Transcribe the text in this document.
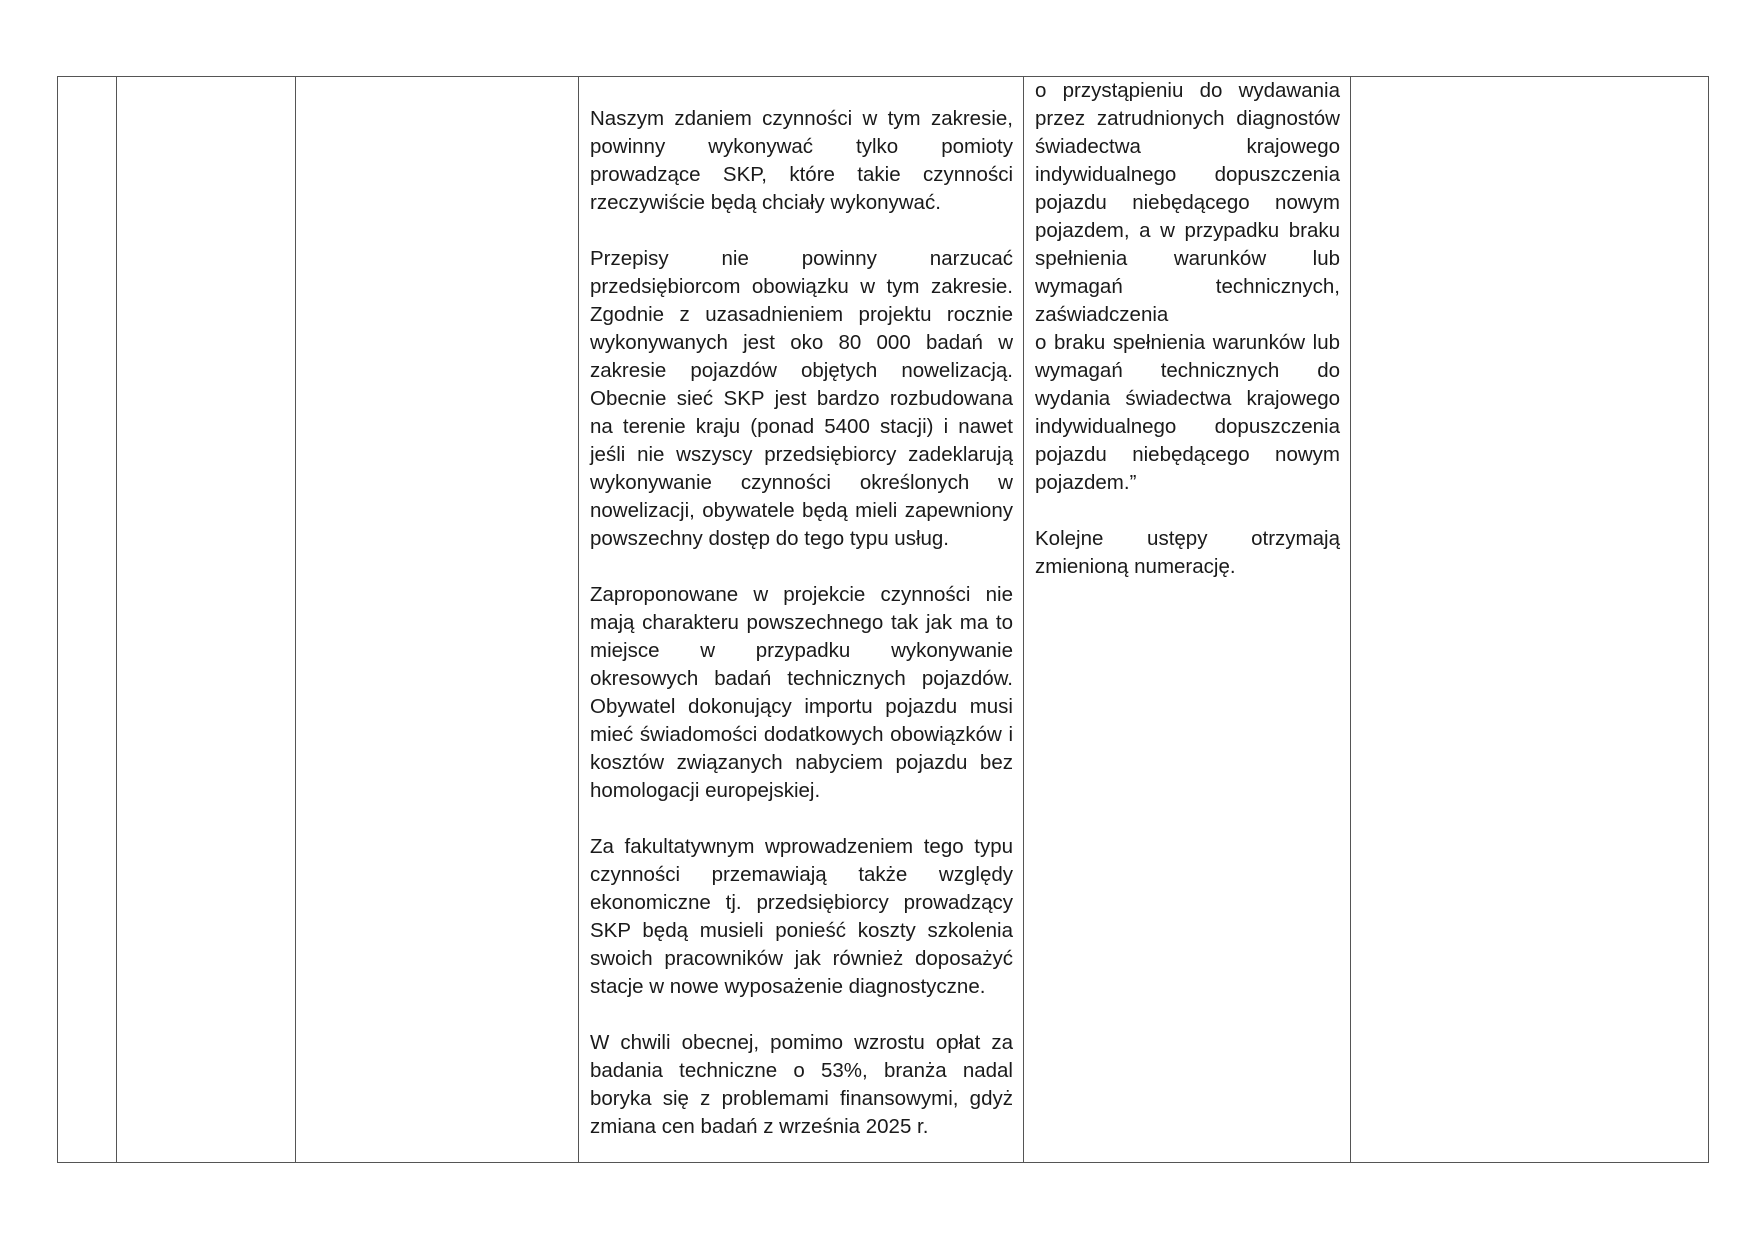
Naszym zdaniem czynności w tym zakresie, powinny wykonywać tylko pomioty prowadzące SKP, które takie czynności rzeczywiście będą chciały wykonywać.

Przepisy nie powinny narzucać przedsiębiorcom obowiązku w tym zakresie. Zgodnie z uzasadnieniem projektu rocznie wykonywanych jest oko 80 000 badań w zakresie pojazdów objętych nowelizacją. Obecnie sieć SKP jest bardzo rozbudowana na terenie kraju (ponad 5400 stacji) i nawet jeśli nie wszyscy przedsiębiorcy zadeklarują wykonywanie czynności określonych w nowelizacji, obywatele będą mieli zapewniony powszechny dostęp do tego typu usług.

Zaproponowane w projekcie czynności nie mają charakteru powszechnego tak jak ma to miejsce w przypadku wykonywanie okresowych badań technicznych pojazdów. Obywatel dokonujący importu pojazdu musi mieć świadomości dodatkowych obowiązków i kosztów związanych nabyciem pojazdu bez homologacji europejskiej.

Za fakultatywnym wprowadzeniem tego typu czynności przemawiają także względy ekonomiczne tj. przedsiębiorcy prowadzący SKP będą musieli ponieść koszty szkolenia swoich pracowników jak również doposażyć stacje w nowe wyposażenie diagnostyczne.

W chwili obecnej, pomimo wzrostu opłat za badania techniczne o 53%, branża nadal boryka się z problemami finansowymi, gdyż zmiana cen badań z września 2025 r.

o przystąpieniu do wydawania przez zatrudnionych diagnostów świadectwa krajowego indywidualnego dopuszczenia pojazdu niebędącego nowym pojazdem, a w przypadku braku spełnienia warunków lub wymagań technicznych, zaświadczenia
o braku spełnienia warunków lub wymagań technicznych do wydania świadectwa krajowego indywidualnego dopuszczenia pojazdu niebędącego nowym pojazdem.”

Kolejne ustępy otrzymają zmienioną numerację.
